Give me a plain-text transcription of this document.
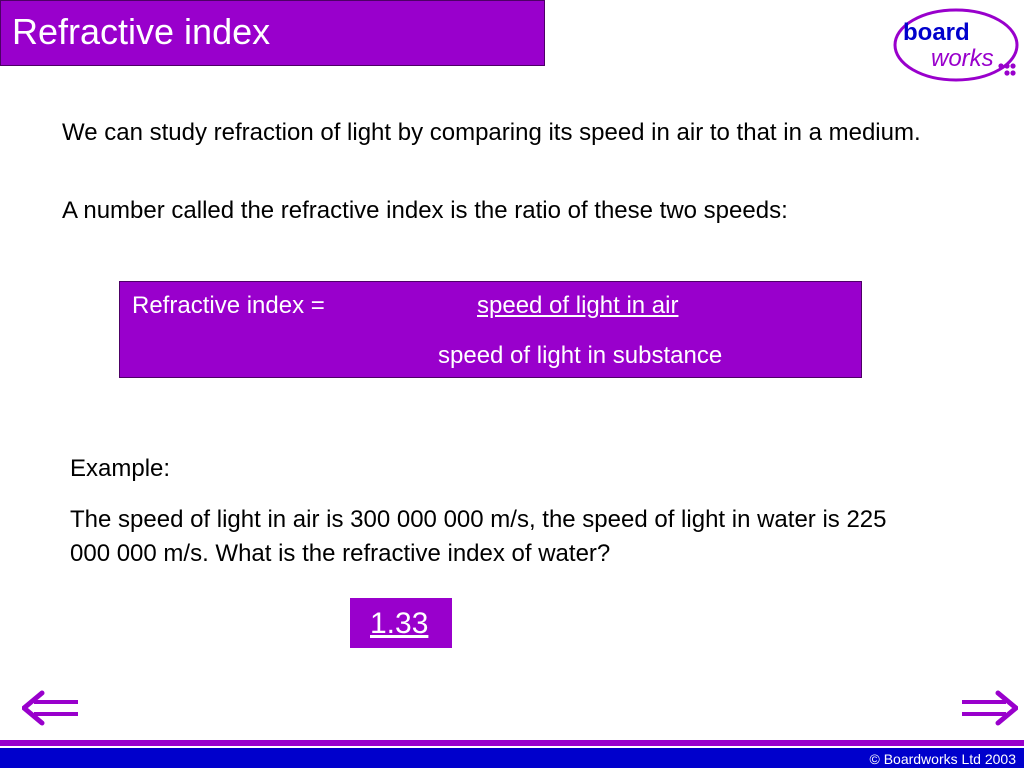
Refractive index	board
works
We can study refraction of light by comparing its speed in air to that in a medium.
A number called the refractive index is the ratio of these two speeds:
Refractive index =	speed of light in air
speed of light in substance
Example:
The speed of light in air is 300 000 000 m/s, the speed of light in water is 225 000 000 m/s. What is the refractive index of water?
1.33
© Boardworks Ltd 2003
